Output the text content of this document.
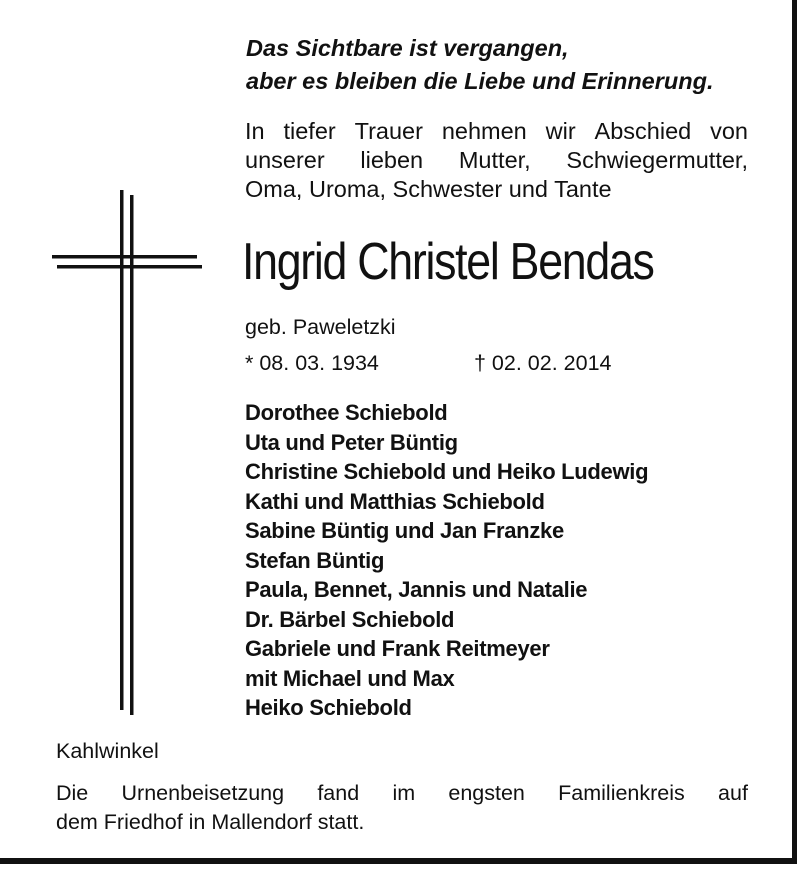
Das Sichtbare ist vergangen,
aber es bleiben die Liebe und Erinnerung.
In tiefer Trauer nehmen wir Abschied von
unserer lieben Mutter, Schwiegermutter,
Oma, Uroma, Schwester und Tante
Ingrid Christel Bendas
geb. Paweletzki
* 08. 03. 1934	† 02. 02. 2014
Dorothee Schiebold
Uta und Peter Büntig
Christine Schiebold und Heiko Ludewig
Kathi und Matthias Schiebold
Sabine Büntig und Jan Franzke
Stefan Büntig
Paula, Bennet, Jannis und Natalie
Dr. Bärbel Schiebold
Gabriele und Frank Reitmeyer
mit Michael und Max
Heiko Schiebold
Kahlwinkel
Die Urnenbeisetzung fand im engsten Familienkreis auf
dem Friedhof in Mallendorf statt.
